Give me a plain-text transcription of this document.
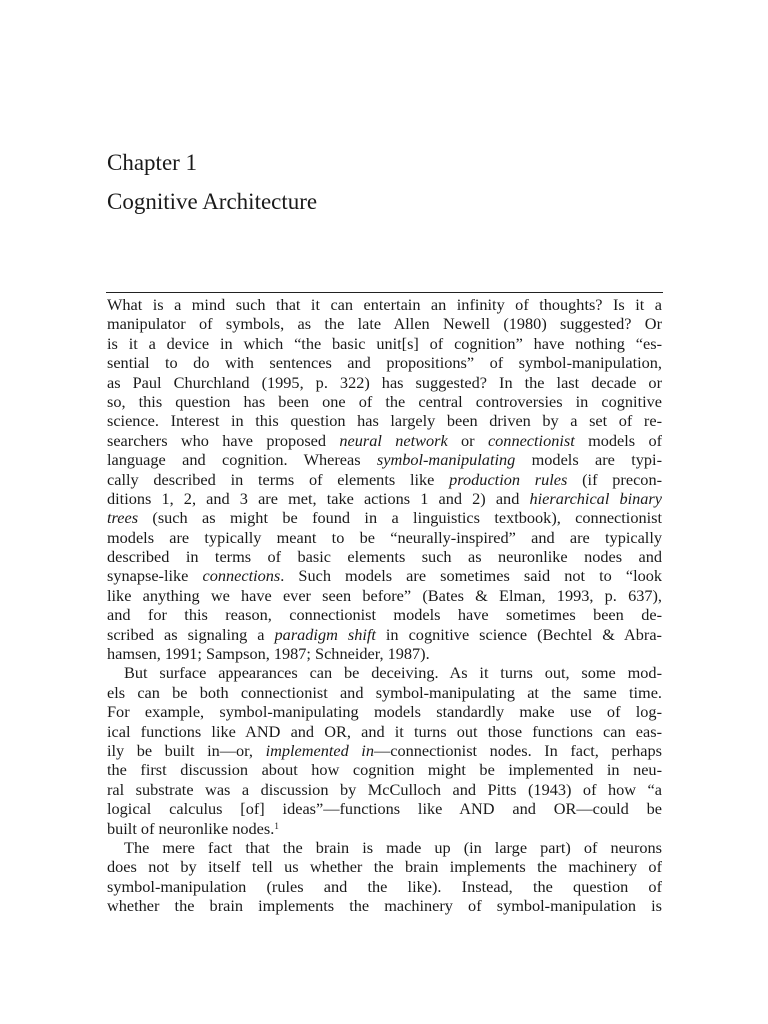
Chapter 1
Cognitive Architecture
What is a mind such that it can entertain an infinity of thoughts? Is it a
manipulator of symbols, as the late Allen Newell (1980) suggested? Or
is it a device in which “the basic unit[s] of cognition” have nothing “es-
sential to do with sentences and propositions” of symbol-manipulation,
as Paul Churchland (1995, p. 322) has suggested? In the last decade or
so, this question has been one of the central controversies in cognitive
science. Interest in this question has largely been driven by a set of re-
searchers who have proposed neural network or connectionist models of
language and cognition. Whereas symbol-manipulating models are typi-
cally described in terms of elements like production rules (if precon-
ditions 1, 2, and 3 are met, take actions 1 and 2) and hierarchical binary
trees (such as might be found in a linguistics textbook), connectionist
models are typically meant to be “neurally-inspired” and are typically
described in terms of basic elements such as neuronlike nodes and
synapse-like connections. Such models are sometimes said not to “look
like anything we have ever seen before” (Bates & Elman, 1993, p. 637),
and for this reason, connectionist models have sometimes been de-
scribed as signaling a paradigm shift in cognitive science (Bechtel & Abra-
hamsen, 1991; Sampson, 1987; Schneider, 1987).
But surface appearances can be deceiving. As it turns out, some mod-
els can be both connectionist and symbol-manipulating at the same time.
For example, symbol-manipulating models standardly make use of log-
ical functions like AND and OR, and it turns out those functions can eas-
ily be built in—or, implemented in—connectionist nodes. In fact, perhaps
the first discussion about how cognition might be implemented in neu-
ral substrate was a discussion by McCulloch and Pitts (1943) of how “a
logical calculus [of] ideas”—functions like AND and OR—could be
built of neuronlike nodes.$^1$
The mere fact that the brain is made up (in large part) of neurons
does not by itself tell us whether the brain implements the machinery of
symbol-manipulation (rules and the like). Instead, the question of
whether the brain implements the machinery of symbol-manipulation is
